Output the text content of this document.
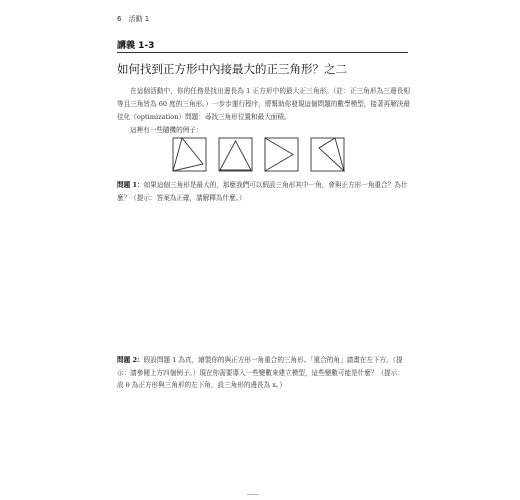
6 活動 1
講義 1-3
如何找到正方形中內接最大的正三角形？之二

在這個活動中，你的任務是找出邊長為 1 正方形中的最大正三角形。（註：正三角形為三邊長相等且三角皆為 60 度的三角形。）一步步運行程序，將幫助你發現這個問題的數學模型，接著再解決最佳化（optimization）問題：尋找三角形位置和最大面積。

這裡有一些隨機的例子：
問題 1：如果這個三角形是最大的，那麼我們可以假設三角形其中一角，會與正方形一角重合？為什麼？（提示：答案為正確，請解釋為什麼。）
問題 2：假設問題 1 為真，繪製你的與正方形一角重合的三角形。「重合的角」請畫在左下方。（提示：請參閱上方四個例子。）現在你需要導入一些變數來建立模型，這些變數可能是什麼？（提示：設 θ 為正方形與三角形的左下角，設三角形的邊長為 x。）
